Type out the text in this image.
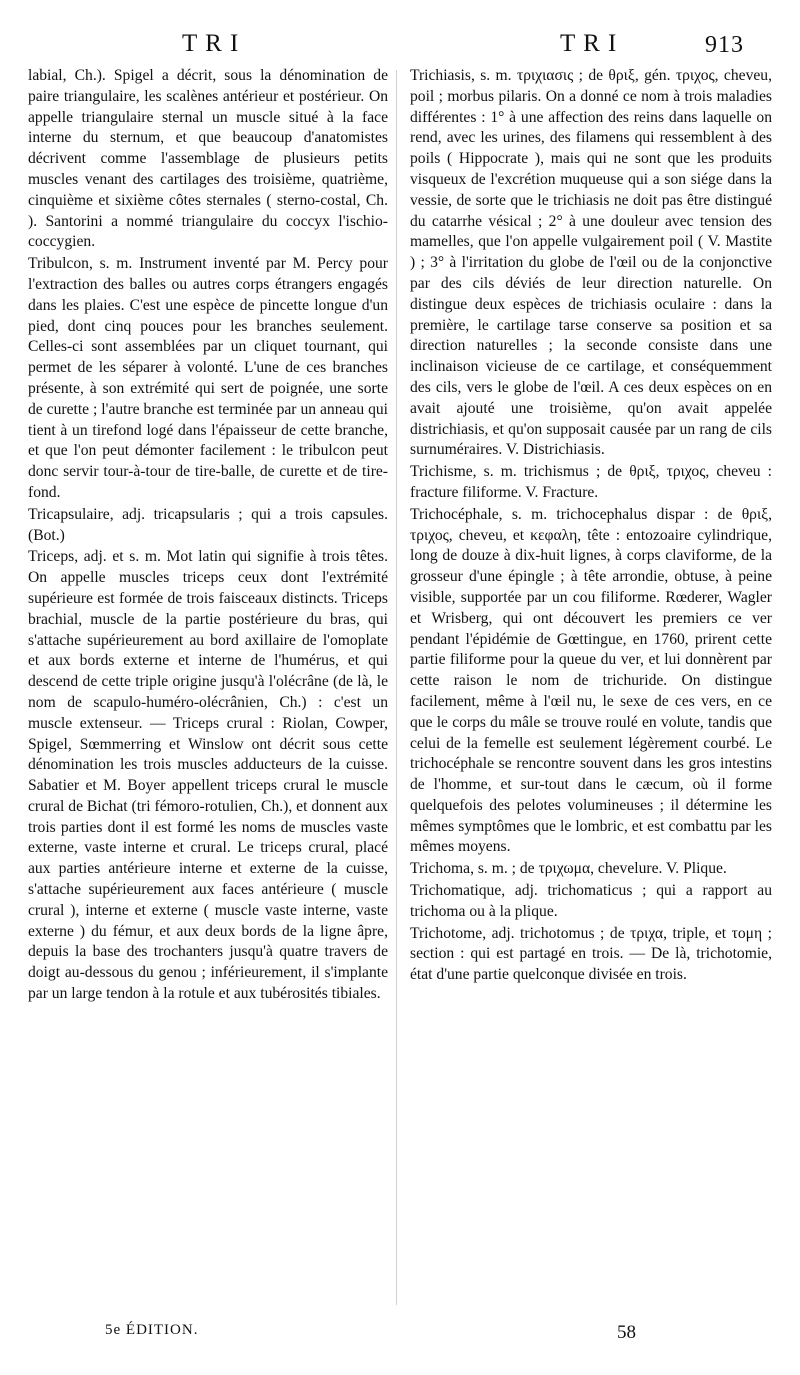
T R I	T R I	913

labial, Ch.). Spigel a décrit, sous la dénomination de paire triangulaire, les scalènes antérieur et postérieur. On appelle triangulaire sternal un muscle situé à la face interne du sternum, et que beaucoup d'anatomistes décrivent comme l'assemblage de plusieurs petits muscles venant des cartilages des troisième, quatrième, cinquième et sixième côtes sternales ( sterno-costal, Ch. ). Santorini a nommé triangulaire du coccyx l'ischio-coccygien.

Tribulcon, s. m. Instrument inventé par M. Percy pour l'extraction des balles ou autres corps étrangers engagés dans les plaies. C'est une espèce de pincette longue d'un pied, dont cinq pouces pour les branches seulement. Celles-ci sont assemblées par un cliquet tournant, qui permet de les séparer à volonté. L'une de ces branches présente, à son extrémité qui sert de poignée, une sorte de curette ; l'autre branche est terminée par un anneau qui tient à un tirefond logé dans l'épaisseur de cette branche, et que l'on peut démonter facilement : le tribulcon peut donc servir tour-à-tour de tire-balle, de curette et de tire-fond.

Tricapsulaire, adj. tricapsularis ; qui a trois capsules. (Bot.)

Triceps, adj. et s. m. Mot latin qui signifie à trois têtes. On appelle muscles triceps ceux dont l'extrémité supérieure est formée de trois faisceaux distincts. Triceps brachial, muscle de la partie postérieure du bras, qui s'attache supérieurement au bord axillaire de l'omoplate et aux bords externe et interne de l'humérus, et qui descend de cette triple origine jusqu'à l'olécrâne (de là, le nom de scapulo-huméro-olécrânien, Ch.) : c'est un muscle extenseur. — Triceps crural : Riolan, Cowper, Spigel, Sœmmerring et Winslow ont décrit sous cette dénomination les trois muscles adducteurs de la cuisse. Sabatier et M. Boyer appellent triceps crural le muscle crural de Bichat (tri fémoro-rotulien, Ch.), et donnent aux trois parties dont il est formé les noms de muscles vaste externe, vaste interne et crural. Le triceps crural, placé aux parties antérieure interne et externe de la cuisse, s'attache supérieurement aux faces antérieure ( muscle crural ), interne et externe ( muscle vaste interne, vaste externe ) du fémur, et aux deux bords de la ligne âpre, depuis la base des trochanters jusqu'à quatre travers de doigt au-dessous du genou ; inférieurement, il s'implante par un large tendon à la rotule et aux tubérosités tibiales.

Trichiasis, s. m. τριχιασις ; de θριξ, gén. τριχος, cheveu, poil ; morbus pilaris. On a donné ce nom à trois maladies différentes : 1° à une affection des reins dans laquelle on rend, avec les urines, des filamens qui ressemblent à des poils ( Hippocrate ), mais qui ne sont que les produits visqueux de l'excrétion muqueuse qui a son siége dans la vessie, de sorte que le trichiasis ne doit pas être distingué du catarrhe vésical ; 2° à une douleur avec tension des mamelles, que l'on appelle vulgairement poil ( V. Mastite ) ; 3° à l'irritation du globe de l'œil ou de la conjonctive par des cils déviés de leur direction naturelle. On distingue deux espèces de trichiasis oculaire : dans la première, le cartilage tarse conserve sa position et sa direction naturelles ; la seconde consiste dans une inclinaison vicieuse de ce cartilage, et conséquemment des cils, vers le globe de l'œil. A ces deux espèces on en avait ajouté une troisième, qu'on avait appelée districhiasis, et qu'on supposait causée par un rang de cils surnuméraires. V. Districhiasis.

Trichisme, s. m. trichismus ; de θριξ, τριχος, cheveu : fracture filiforme. V. Fracture.

Trichocéphale, s. m. trichocephalus dispar : de θριξ, τριχος, cheveu, et κεφαλη, tête : entozoaire cylindrique, long de douze à dix-huit lignes, à corps claviforme, de la grosseur d'une épingle ; à tête arrondie, obtuse, à peine visible, supportée par un cou filiforme. Rœderer, Wagler et Wrisberg, qui ont découvert les premiers ce ver pendant l'épidémie de Gœttingue, en 1760, prirent cette partie filiforme pour la queue du ver, et lui donnèrent par cette raison le nom de trichuride. On distingue facilement, même à l'œil nu, le sexe de ces vers, en ce que le corps du mâle se trouve roulé en volute, tandis que celui de la femelle est seulement légèrement courbé. Le trichocéphale se rencontre souvent dans les gros intestins de l'homme, et sur-tout dans le cæcum, où il forme quelquefois des pelotes volumineuses ; il détermine les mêmes symptômes que le lombric, et est combattu par les mêmes moyens.

Trichoma, s. m. ; de τριχωμα, chevelure. V. Plique.

Trichomatique, adj. trichomaticus ; qui a rapport au trichoma ou à la plique.

Trichotome, adj. trichotomus ; de τριχα, triple, et τομη ; section : qui est partagé en trois. — De là, trichotomie, état d'une partie quelconque divisée en trois.

5e ÉDITION.	58
